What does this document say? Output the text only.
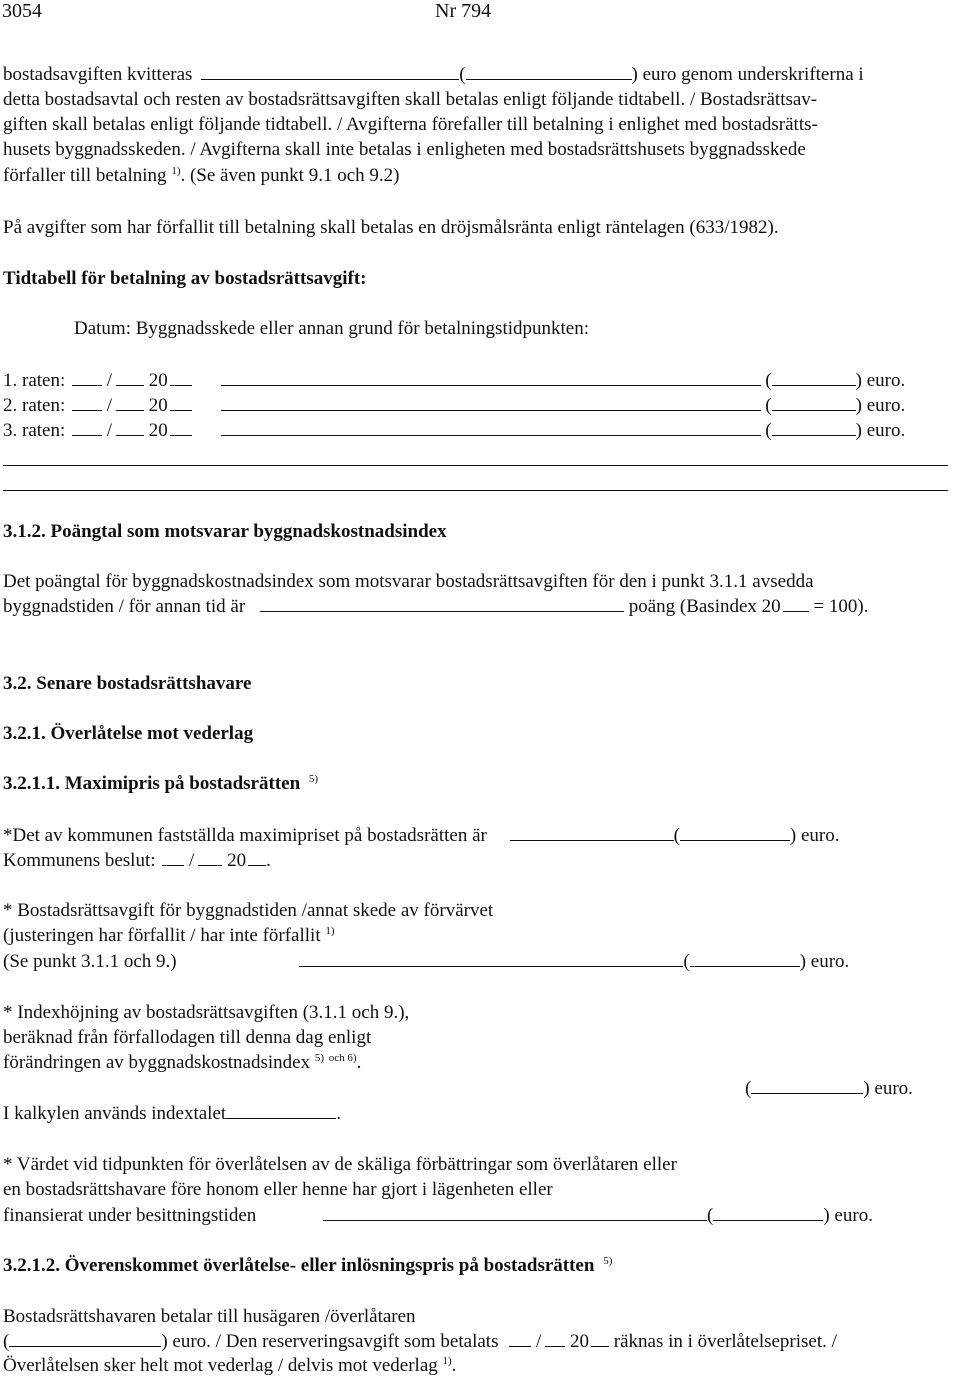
3054	Nr 794
bostadsavgiften kvitteras	(	) euro genom underskrifterna i
detta bostadsavtal och resten av bostadsrättsavgiften skall betalas enligt följande tidtabell. / Bostadsrättsav-
giften skall betalas enligt följande tidtabell. / Avgifterna förefaller till betalning i enlighet med bostadsrätts-
husets byggnadsskeden. / Avgifterna skall inte betalas i enligheten med bostadsrättshusets byggnadsskede
förfaller till betalning $^{1)}$. (Se även punkt 9.1 och 9.2)
På avgifter som har förfallit till betalning skall betalas en dröjsmålsränta enligt räntelagen (633/1982).
Tidtabell för betalning av bostadsrättsavgift:
Datum: Byggnadsskede eller annan grund för betalningstidpunkten:
1. raten: / 20	(	) euro.
2. raten: / 20	(	) euro.
3. raten: / 20	(	) euro.
3.1.2. Poängtal som motsvarar byggnadskostnadsindex
Det poängtal för byggnadskostnadsindex som motsvarar bostadsrättsavgiften för den i punkt 3.1.1 avsedda
byggnadstiden / för annan tid är	poäng (Basindex 20 = 100).
3.2. Senare bostadsrättshavare
3.2.1. Överlåtelse mot vederlag
3.2.1.1. Maximipris på bostadsrätten $^{5)}$
*Det av kommunen fastställda maximipriset på bostadsrätten är	(	) euro.
Kommunens beslut: / 20 .
* Bostadsrättsavgift för byggnadstiden /annat skede av förvärvet
(justeringen har förfallit / har inte förfallit $^{1)}$
(Se punkt 3.1.1 och 9.)	(	) euro.
* Indexhöjning av bostadsrättsavgiften (3.1.1 och 9.),
beräknad från förfallodagen till denna dag enligt
förändringen av byggnadskostnadsindex $^{5)}$ $^{och 6)}$.
(	) euro.
I kalkylen används indextalet	.
* Värdet vid tidpunkten för överlåtelsen av de skäliga förbättringar som överlåtaren eller
en bostadsrättshavare före honom eller henne har gjort i lägenheten eller
finansierat under besittningstiden	(	) euro.
3.2.1.2. Överenskommet överlåtelse- eller inlösningspris på bostadsrätten $^{5)}$
Bostadsrättshavaren betalar till husägaren /överlåtaren
(	) euro. / Den reserveringsavgift som betalats / 20 räknas in i överlåtelsepriset. /
Överlåtelsen sker helt mot vederlag / delvis mot vederlag $^{1)}$.
